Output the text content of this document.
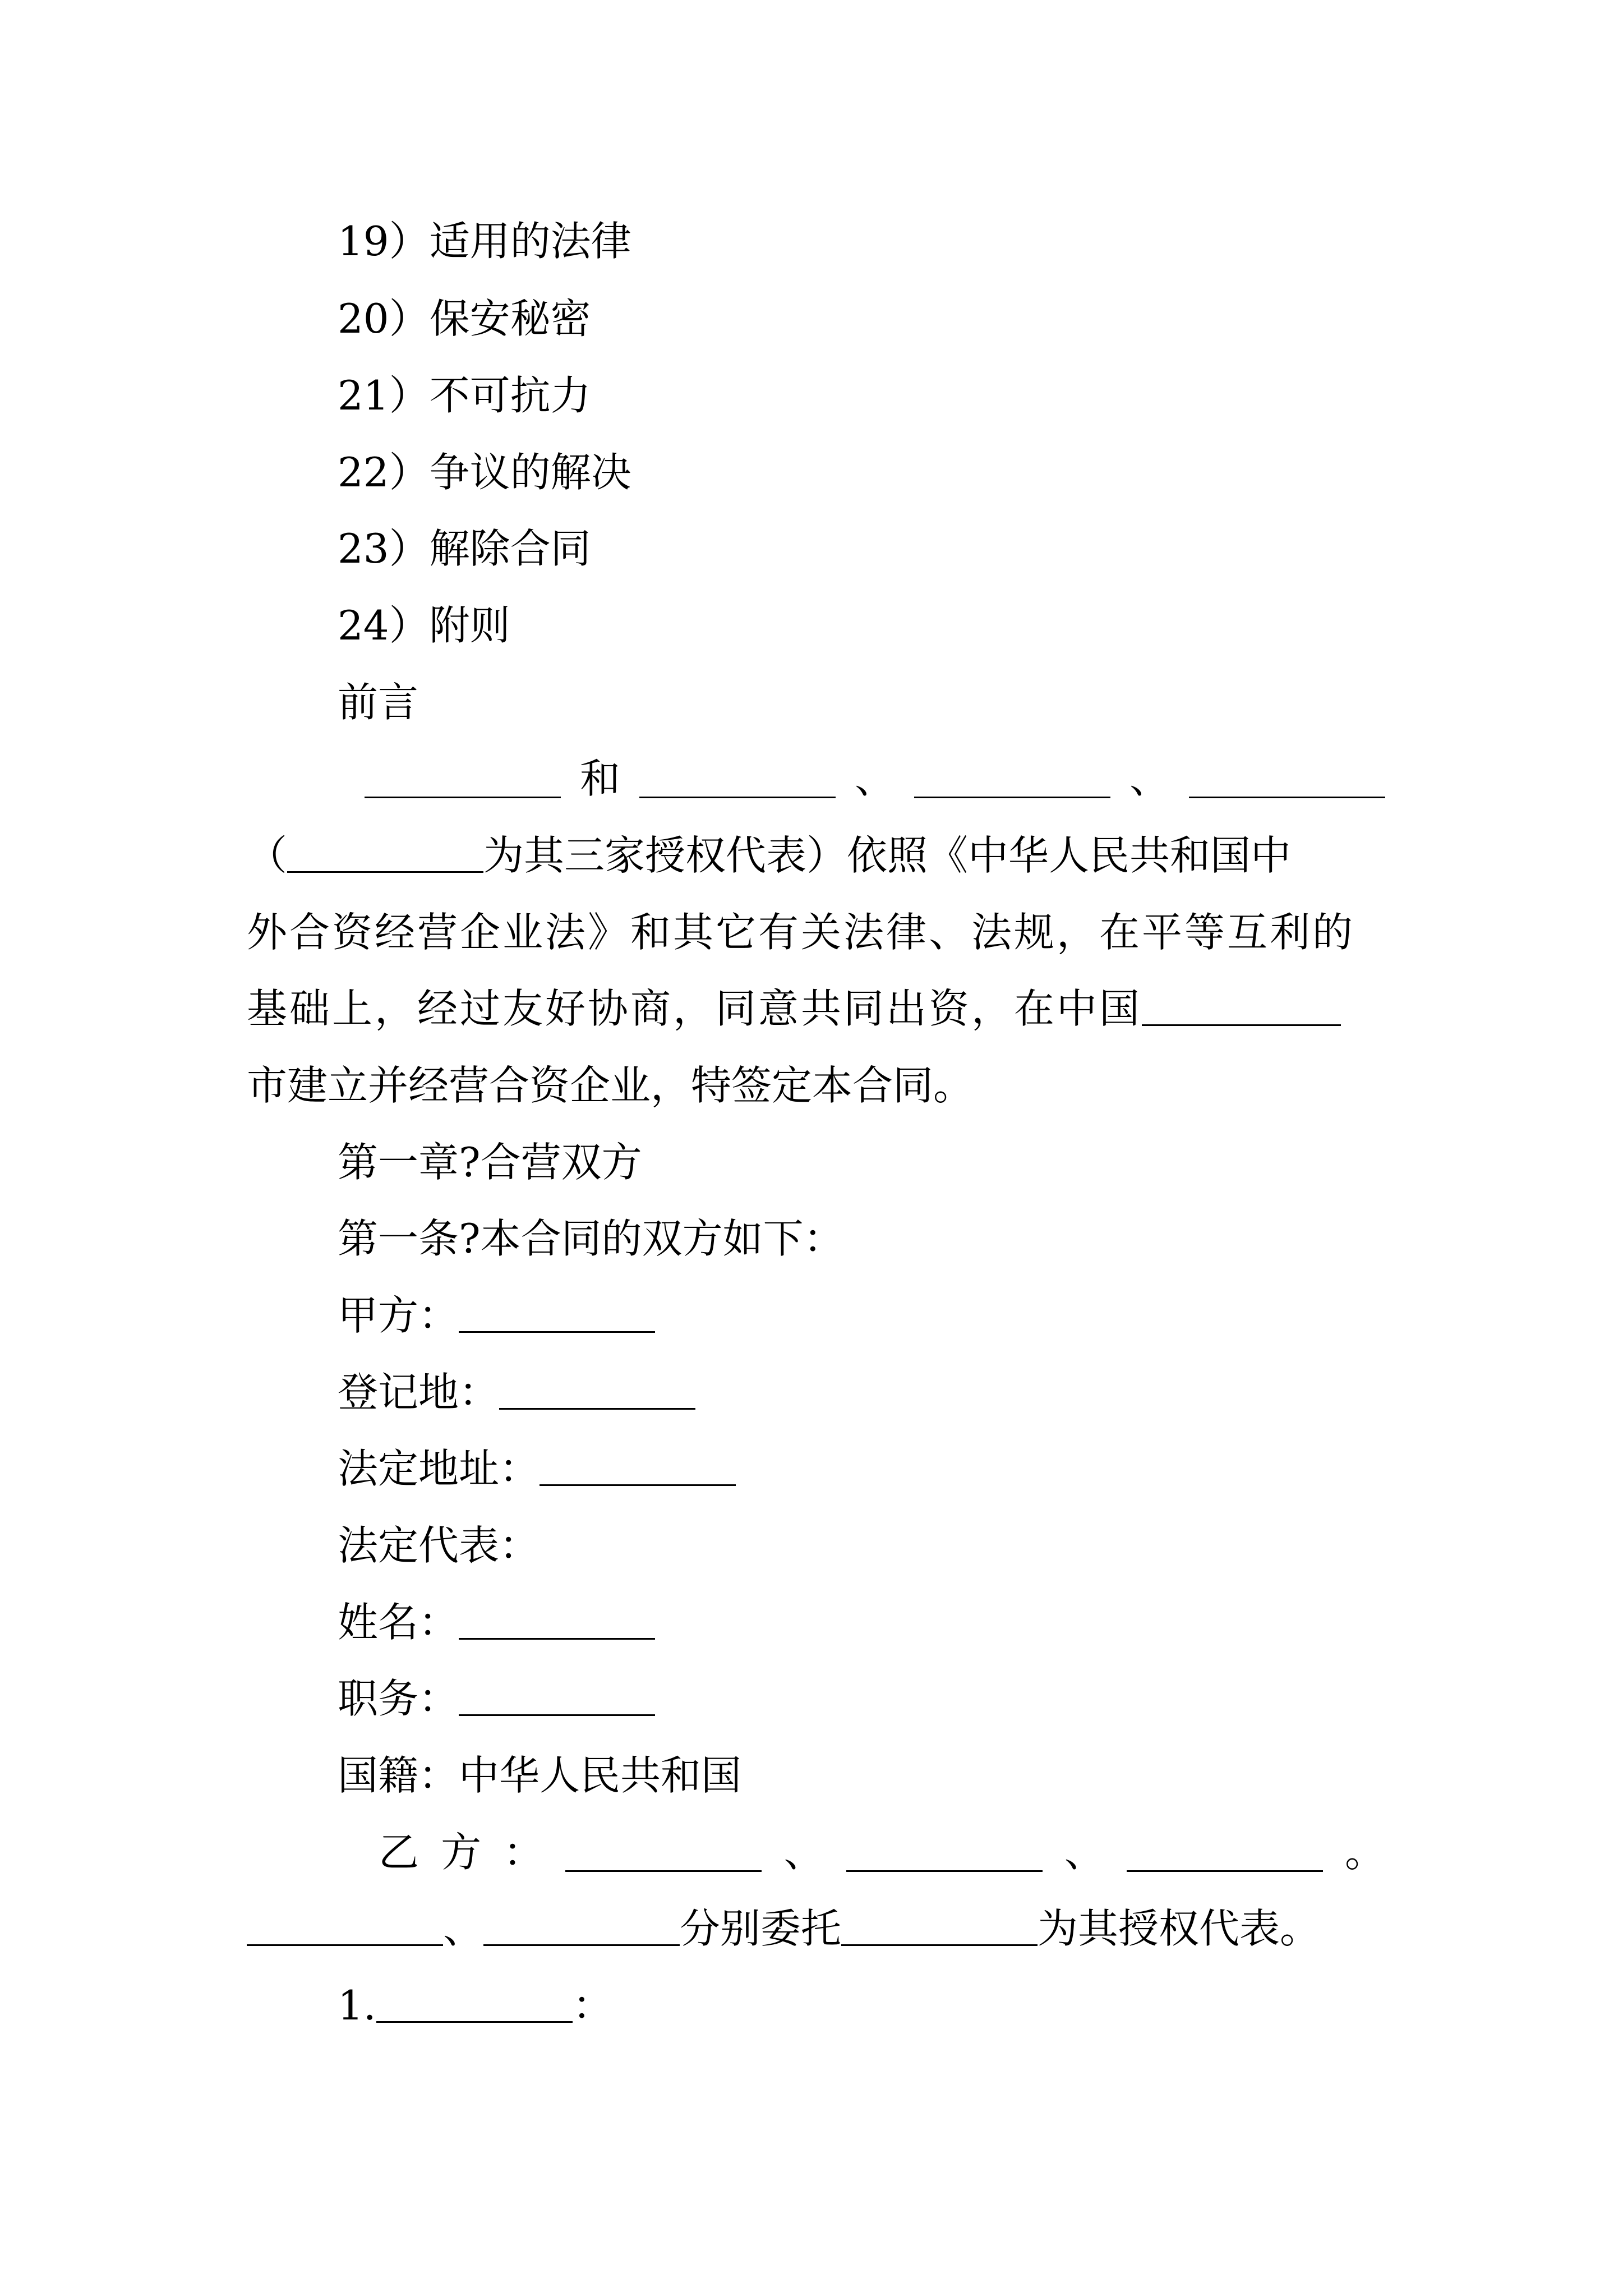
19）适用的法律
20）保安秘密
21）不可抗力
22）争议的解决
23）解除合同
24）附则
前言
和	、	、
（	为其三家授权代表）依照《中华人民共和国中
外合资经营企业法》和其它有关法律、法规，在平等互利的
基础上，经过友好协商，同意共同出资，在中国
市建立并经营合资企业，特签定本合同。
第一章?合营双方
第一条?本合同的双方如下：
甲方：
登记地：
法定地址：
法定代表：
姓名：
职务：
国籍：中华人民共和国
乙 方 ：	、	、	。
、	分别委托	为其授权代表。
1.	：
